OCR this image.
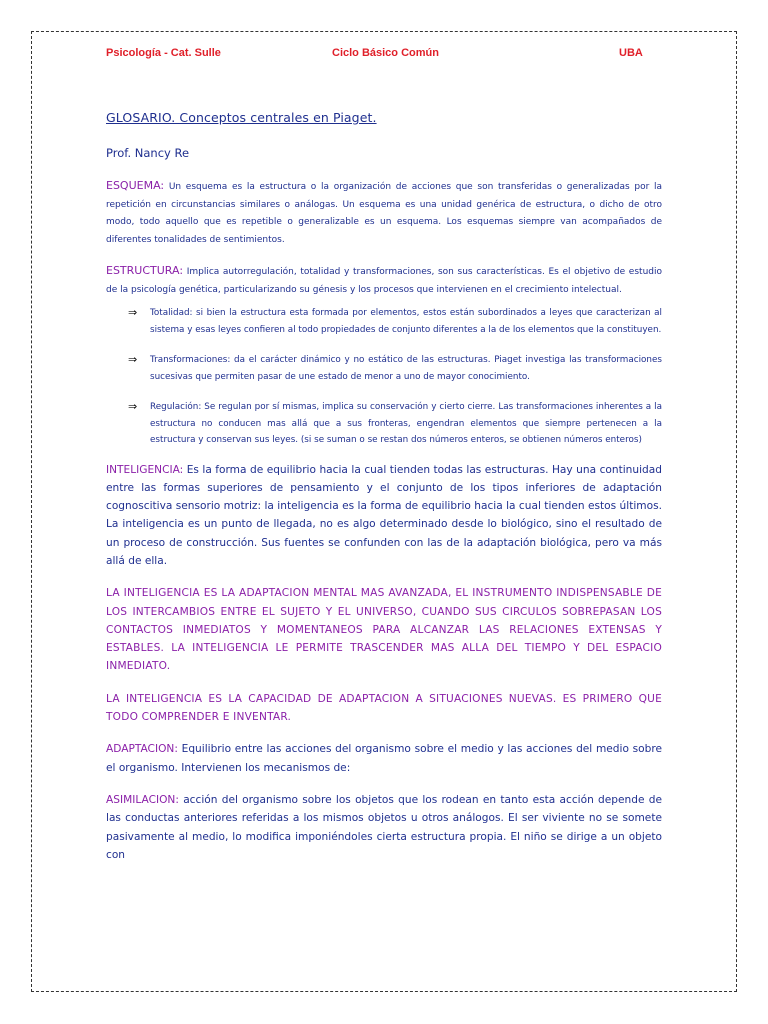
Psicología - Cat. Sulle	Ciclo Básico Común	UBA

GLOSARIO. Conceptos centrales en Piaget.

Prof. Nancy Re

ESQUEMA: Un esquema es la estructura o la organización de acciones que son transferidas o generalizadas por la repetición en circunstancias similares o análogas. Un esquema es una unidad genérica de estructura, o dicho de otro modo, todo aquello que es repetible o generalizable es un esquema. Los esquemas siempre van acompañados de diferentes tonalidades de sentimientos.

ESTRUCTURA: Implica autorregulación, totalidad y transformaciones, son sus características. Es el objetivo de estudio de la psicología genética, particularizando su génesis y los procesos que intervienen en el crecimiento intelectual.

⇒ Totalidad: si bien la estructura esta formada por elementos, estos están subordinados a leyes que caracterizan al sistema y esas leyes confieren al todo propiedades de conjunto diferentes a la de los elementos que la constituyen.
⇒ Transformaciones: da el carácter dinámico y no estático de las estructuras. Piaget investiga las transformaciones sucesivas que permiten pasar de une estado de menor a uno de mayor conocimiento.
⇒ Regulación: Se regulan por sí mismas, implica su conservación y cierto cierre. Las transformaciones inherentes a la estructura no conducen mas allá que a sus fronteras, engendran elementos que siempre pertenecen a la estructura y conservan sus leyes. (si se suman o se restan dos números enteros, se obtienen números enteros)

INTELIGENCIA: Es la forma de equilibrio hacia la cual tienden todas las estructuras. Hay una continuidad entre las formas superiores de pensamiento y el conjunto de los tipos inferiores de adaptación cognoscitiva sensorio motriz: la inteligencia es la forma de equilibrio hacia la cual tienden estos últimos. La inteligencia es un punto de llegada, no es algo determinado desde lo biológico, sino el resultado de un proceso de construcción. Sus fuentes se confunden con las de la adaptación biológica, pero va más allá de ella.

LA INTELIGENCIA ES LA ADAPTACION MENTAL MAS AVANZADA, EL INSTRUMENTO INDISPENSABLE DE LOS INTERCAMBIOS ENTRE EL SUJETO Y EL UNIVERSO, CUANDO SUS CIRCULOS SOBREPASAN LOS CONTACTOS INMEDIATOS Y MOMENTANEOS PARA ALCANZAR LAS RELACIONES EXTENSAS Y ESTABLES. LA INTELIGENCIA LE PERMITE TRASCENDER MAS ALLA DEL TIEMPO Y DEL ESPACIO INMEDIATO.

LA INTELIGENCIA ES LA CAPACIDAD DE ADAPTACION A SITUACIONES NUEVAS. ES PRIMERO QUE TODO COMPRENDER E INVENTAR.

ADAPTACION: Equilibrio entre las acciones del organismo sobre el medio y las acciones del medio sobre el organismo. Intervienen los mecanismos de:

ASIMILACION: acción del organismo sobre los objetos que los rodean en tanto esta acción depende de las conductas anteriores referidas a los mismos objetos u otros análogos. El ser viviente no se somete pasivamente al medio, lo modifica imponiéndoles cierta estructura propia. El niño se dirige a un objeto con
